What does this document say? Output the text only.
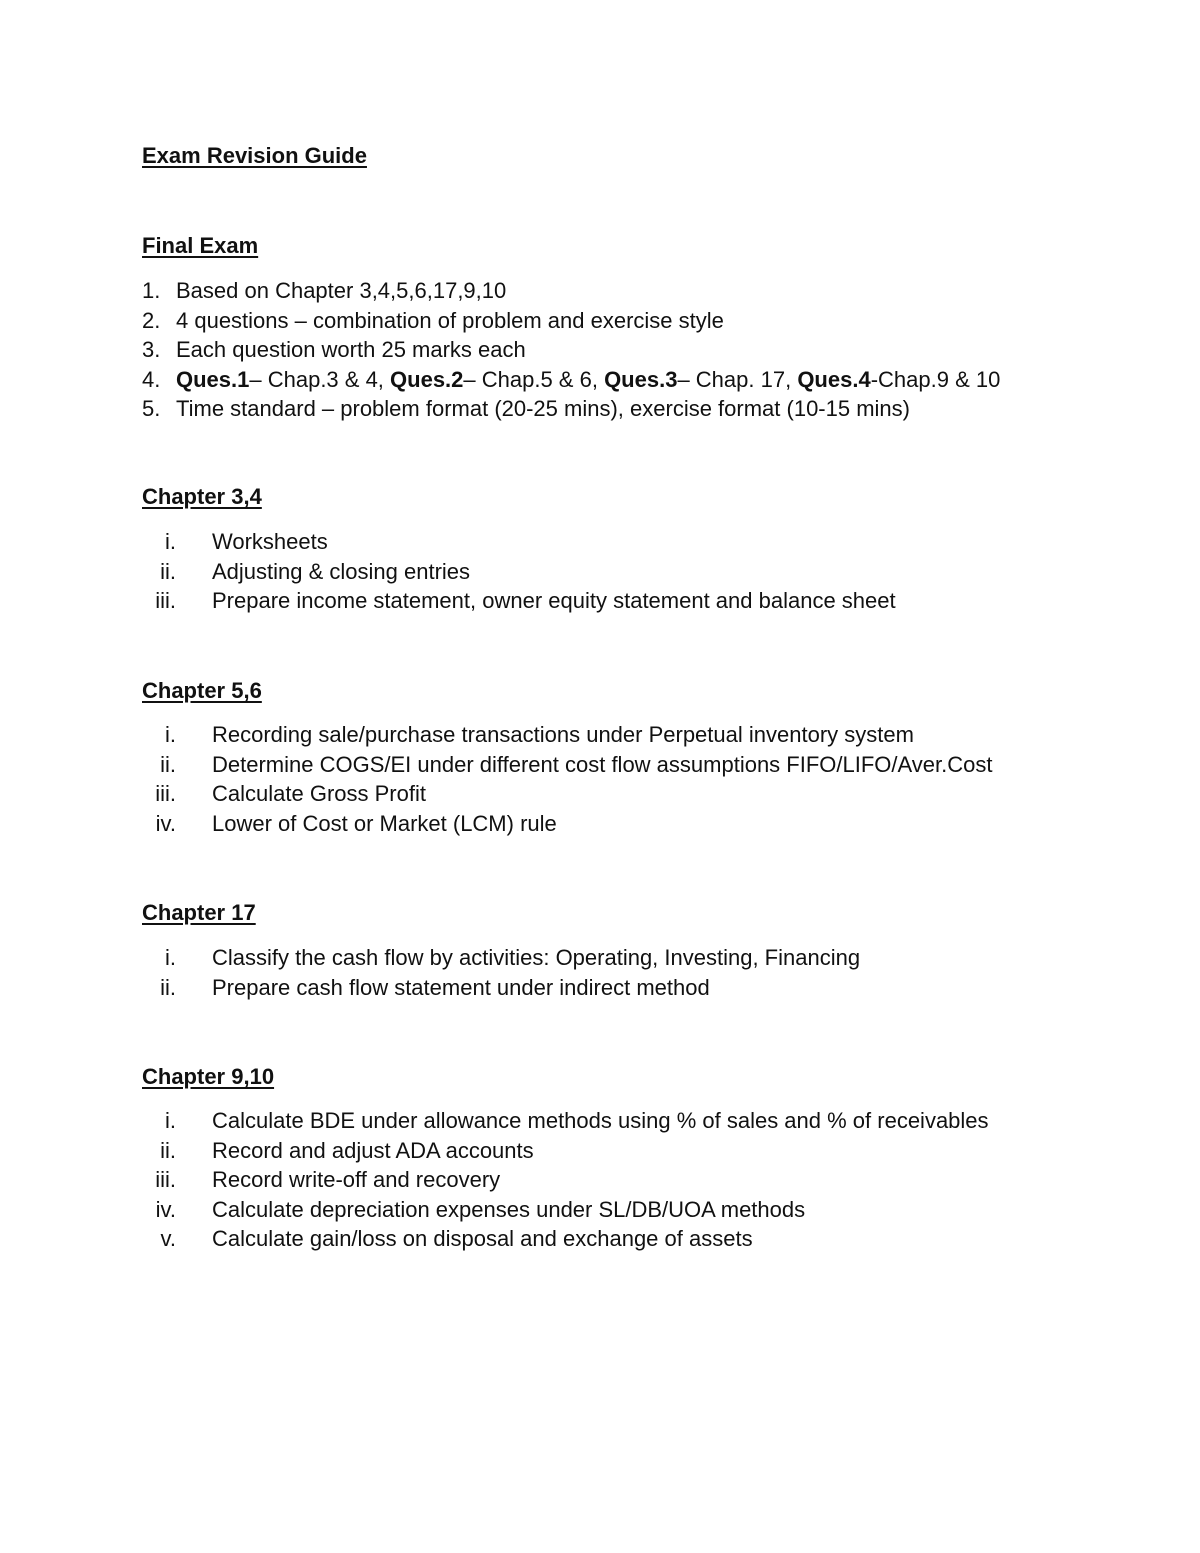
Exam Revision Guide
Final Exam
1. Based on Chapter 3,4,5,6,17,9,10
2. 4 questions – combination of problem and exercise style
3. Each question worth 25 marks each
4. Ques.1– Chap.3 & 4, Ques.2– Chap.5 & 6, Ques.3– Chap. 17, Ques.4-Chap.9 & 10
5. Time standard – problem format (20-25 mins), exercise format (10-15 mins)
Chapter 3,4
i. Worksheets
ii. Adjusting & closing entries
iii. Prepare income statement, owner equity statement and balance sheet
Chapter 5,6
i. Recording sale/purchase transactions under Perpetual inventory system
ii. Determine COGS/EI under different cost flow assumptions FIFO/LIFO/Aver.Cost
iii. Calculate Gross Profit
iv. Lower of Cost or Market (LCM) rule
Chapter 17
i. Classify the cash flow by activities: Operating, Investing, Financing
ii. Prepare cash flow statement under indirect method
Chapter 9,10
i. Calculate BDE under allowance methods using % of sales and % of receivables
ii. Record and adjust ADA accounts
iii. Record write-off and recovery
iv. Calculate depreciation expenses under SL/DB/UOA methods
v. Calculate gain/loss on disposal and exchange of assets
